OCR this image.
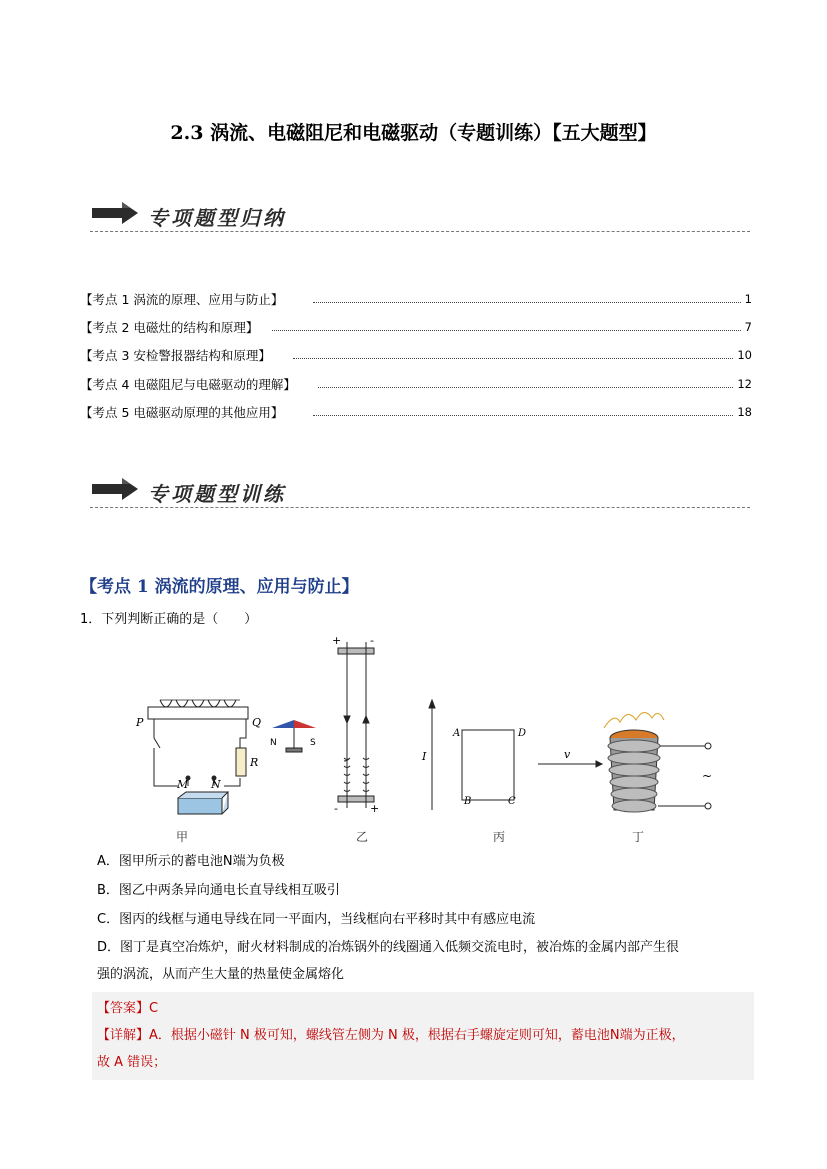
2.3 涡流、电磁阻尼和电磁驱动（专题训练）【五大题型】
专项题型归纳
【考点 1 涡流的原理、应用与防止】	1
【考点 2 电磁灶的结构和原理】	7
【考点 3 安检警报器结构和原理】	10
【考点 4 电磁阻尼与电磁驱动的理解】	12
【考点 5 电磁驱动原理的其他应用】	18
专项题型训练
【考点 1 涡流的原理、应用与防止】
1．下列判断正确的是（　　）
P	Q
R
M N
N	S
+	-
-	+
I
A	D
B	C
v
~
甲	乙	丙	丁
A．图甲所示的蓄电池N端为负极
B．图乙中两条异向通电长直导线相互吸引
C．图丙的线框与通电导线在同一平面内，当线框向右平移时其中有感应电流
D．图丁是真空冶炼炉，耐火材料制成的冶炼锅外的线圈通入低频交流电时，被冶炼的金属内部产生很
强的涡流，从而产生大量的热量使金属熔化
【答案】C
【详解】A．根据小磁针 N 极可知，螺线管左侧为 N 极，根据右手螺旋定则可知，蓄电池N端为正极，
故 A 错误；
